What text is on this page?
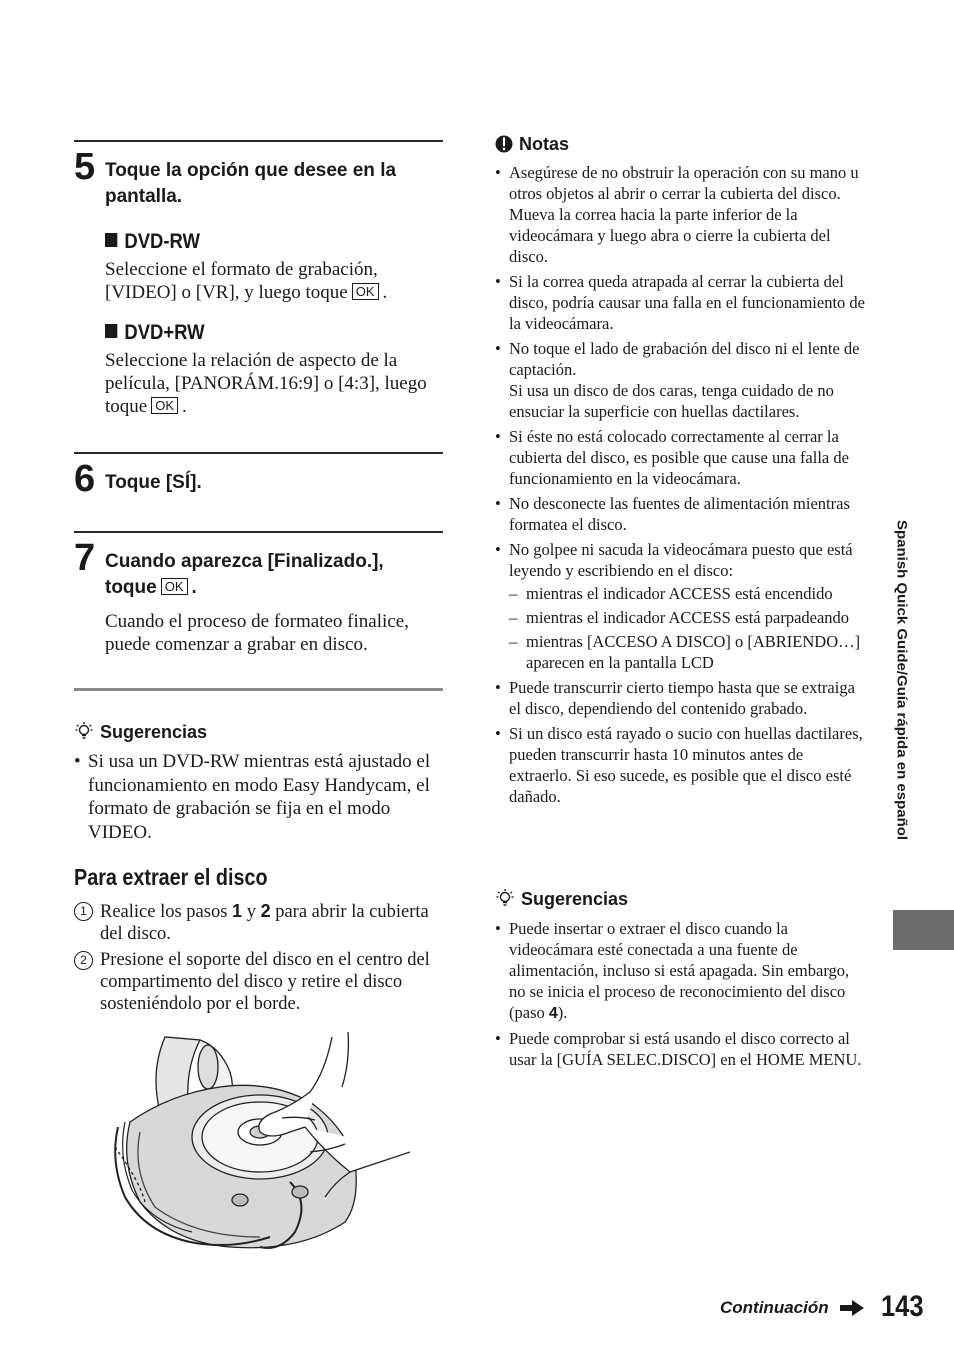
5 Toque la opción que desee en la pantalla.
DVD-RW
Seleccione el formato de grabación, [VIDEO] o [VR], y luego toque OK .
DVD+RW
Seleccione la relación de aspecto de la película, [PANORÁM.16:9] o [4:3], luego toque OK .
6 Toque [SÍ].
7 Cuando aparezca [Finalizado.], toque OK .
Cuando el proceso de formateo finalice, puede comenzar a grabar en disco.
Sugerencias
• Si usa un DVD-RW mientras está ajustado el funcionamiento en modo Easy Handycam, el formato de grabación se fija en el modo VIDEO.
Para extraer el disco
1 Realice los pasos 1 y 2 para abrir la cubierta del disco.
2 Presione el soporte del disco en el centro del compartimento del disco y retire el disco sosteniéndolo por el borde.
Notas
• Asegúrese de no obstruir la operación con su mano u otros objetos al abrir o cerrar la cubierta del disco. Mueva la correa hacia la parte inferior de la videocámara y luego abra o cierre la cubierta del disco.
• Si la correa queda atrapada al cerrar la cubierta del disco, podría causar una falla en el funcionamiento de la videocámara.
• No toque el lado de grabación del disco ni el lente de captación.
Si usa un disco de dos caras, tenga cuidado de no ensuciar la superficie con huellas dactilares.
• Si éste no está colocado correctamente al cerrar la cubierta del disco, es posible que cause una falla de funcionamiento en la videocámara.
• No desconecte las fuentes de alimentación mientras formatea el disco.
• No golpee ni sacuda la videocámara puesto que está leyendo y escribiendo en el disco:
– mientras el indicador ACCESS está encendido
– mientras el indicador ACCESS está parpadeando
– mientras [ACCESO A DISCO] o [ABRIENDO…] aparecen en la pantalla LCD
• Puede transcurrir cierto tiempo hasta que se extraiga el disco, dependiendo del contenido grabado.
• Si un disco está rayado o sucio con huellas dactilares, pueden transcurrir hasta 10 minutos antes de extraerlo. Si eso sucede, es posible que el disco esté dañado.
Sugerencias
• Puede insertar o extraer el disco cuando la videocámara esté conectada a una fuente de alimentación, incluso si está apagada. Sin embargo, no se inicia el proceso de reconocimiento del disco (paso 4).
• Puede comprobar si está usando el disco correcto al usar la [GUÍA SELEC.DISCO] en el HOME MENU.
Spanish Quick Guide/Guía rápida en español
Continuación 143
